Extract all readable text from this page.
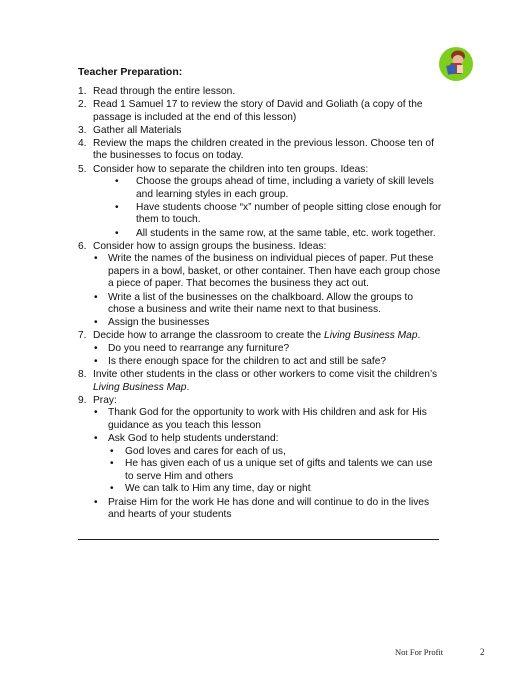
Teacher Preparation:
1. Read through the entire lesson.
2. Read 1 Samuel 17 to review the story of David and Goliath (a copy of the passage is included at the end of this lesson)
3. Gather all Materials
4. Review the maps the children created in the previous lesson. Choose ten of the businesses to focus on today.
5. Consider how to separate the children into ten groups. Ideas:
• Choose the groups ahead of time, including a variety of skill levels and learning styles in each group.
• Have students choose “x” number of people sitting close enough for them to touch.
• All students in the same row, at the same table, etc. work together.
6. Consider how to assign groups the business. Ideas:
• Write the names of the business on individual pieces of paper. Put these papers in a bowl, basket, or other container. Then have each group chose a piece of paper. That becomes the business they act out.
• Write a list of the businesses on the chalkboard. Allow the groups to chose a business and write their name next to that business.
• Assign the businesses
7. Decide how to arrange the classroom to create the Living Business Map.
• Do you need to rearrange any furniture?
• Is there enough space for the children to act and still be safe?
8. Invite other students in the class or other workers to come visit the children’s Living Business Map.
9. Pray:
• Thank God for the opportunity to work with His children and ask for His guidance as you teach this lesson
• Ask God to help students understand:
• God loves and cares for each of us,
• He has given each of us a unique set of gifts and talents we can use to serve Him and others
• We can talk to Him any time, day or night
• Praise Him for the work He has done and will continue to do in the lives and hearts of your students
Not For Profit	2
